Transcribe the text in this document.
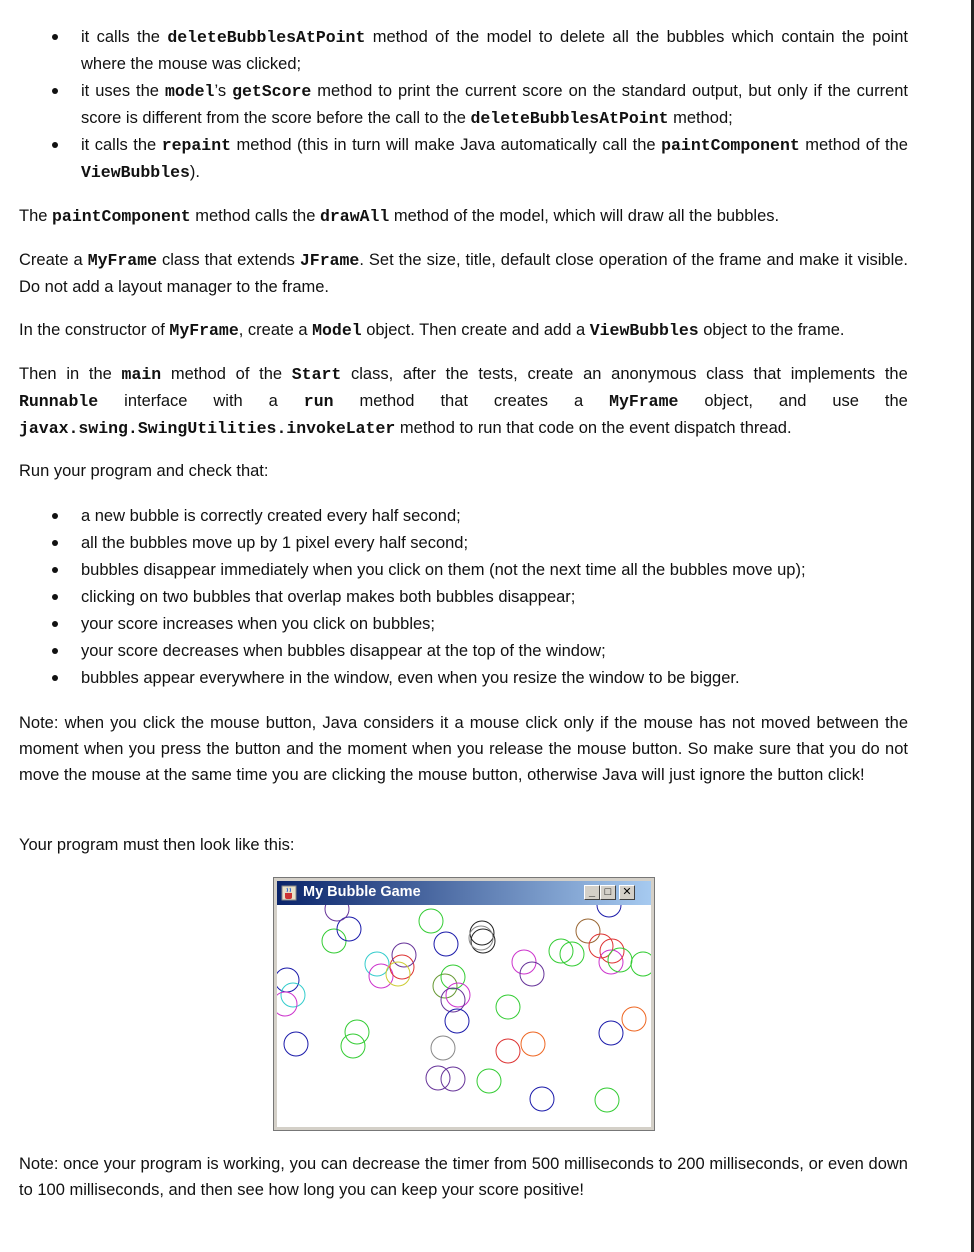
it calls the deleteBubblesAtPoint method of the model to delete all the bubbles which contain the point where the mouse was clicked;
it uses the model’s getScore method to print the current score on the standard output, but only if the current score is different from the score before the call to the deleteBubblesAtPoint method;
it calls the repaint method (this in turn will make Java automatically call the paintComponent method of the ViewBubbles).

The paintComponent method calls the drawAll method of the model, which will draw all the bubbles.

Create a MyFrame class that extends JFrame. Set the size, title, default close operation of the frame and make it visible. Do not add a layout manager to the frame.

In the constructor of MyFrame, create a Model object. Then create and add a ViewBubbles object to the frame.

Then in the main method of the Start class, after the tests, create an anonymous class that implements the

Runnable interface with a run method that creates a MyFrame object, and use the

javax.swing.SwingUtilities.invokeLater method to run that code on the event dispatch thread.

Run your program and check that:

a new bubble is correctly created every half second;
all the bubbles move up by 1 pixel every half second;
bubbles disappear immediately when you click on them (not the next time all the bubbles move up);
clicking on two bubbles that overlap makes both bubbles disappear;
your score increases when you click on bubbles;
your score decreases when bubbles disappear at the top of the window;
bubbles appear everywhere in the window, even when you resize the window to be bigger.

Note: when you click the mouse button, Java considers it a mouse click only if the mouse has not moved between the moment when you press the button and the moment when you release the mouse button. So make sure that you do not move the mouse at the same time you are clicking the mouse button, otherwise Java will just ignore the button click!

Your program must then look like this:

Note: once your program is working, you can decrease the timer from 500 milliseconds to 200 milliseconds, or even down to 100 milliseconds, and then see how long you can keep your score positive!

My Bubble Game	_ □	✕
